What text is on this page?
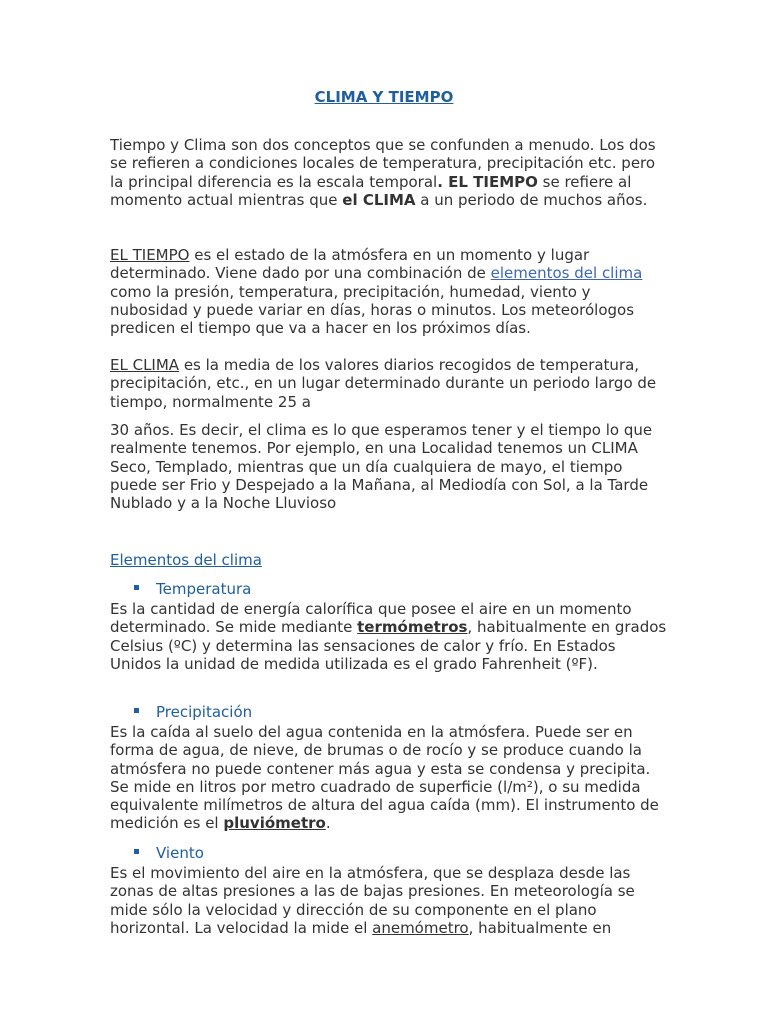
CLIMA Y TIEMPO

Tiempo y Clima son dos conceptos que se confunden a menudo. Los dos se refieren a condiciones locales de temperatura, precipitación etc. pero la principal diferencia es la escala temporal. EL TIEMPO se refiere al momento actual mientras que el CLIMA a un periodo de muchos años.

EL TIEMPO es el estado de la atmósfera en un momento y lugar determinado. Viene dado por una combinación de elementos del clima como la presión, temperatura, precipitación, humedad, viento y nubosidad y puede variar en días, horas o minutos. Los meteorólogos predicen el tiempo que va a hacer en los próximos días.

EL CLIMA es la media de los valores diarios recogidos de temperatura, precipitación, etc., en un lugar determinado durante un periodo largo de tiempo, normalmente 25 a

30 años. Es decir, el clima es lo que esperamos tener y el tiempo lo que realmente tenemos. Por ejemplo, en una Localidad tenemos un CLIMA Seco, Templado, mientras que un día cualquiera de mayo, el tiempo puede ser Frio y Despejado a la Mañana, al Mediodía con Sol, a la Tarde Nublado y a la Noche Lluvioso

Elementos del clima
Temperatura

Es la cantidad de energía calorífica que posee el aire en un momento determinado. Se mide mediante termómetros, habitualmente en grados Celsius (ºC) y determina las sensaciones de calor y frío. En Estados Unidos la unidad de medida utilizada es el grado Fahrenheit (ºF).

Precipitación

Es la caída al suelo del agua contenida en la atmósfera. Puede ser en forma de agua, de nieve, de brumas o de rocío y se produce cuando la atmósfera no puede contener más agua y esta se condensa y precipita. Se mide en litros por metro cuadrado de superficie (l/m²), o su medida equivalente milímetros de altura del agua caída (mm). El instrumento de medición es el pluviómetro.

Viento

Es el movimiento del aire en la atmósfera, que se desplaza desde las zonas de altas presiones a las de bajas presiones. En meteorología se mide sólo la velocidad y dirección de su componente en el plano horizontal. La velocidad la mide el anemómetro, habitualmente en
